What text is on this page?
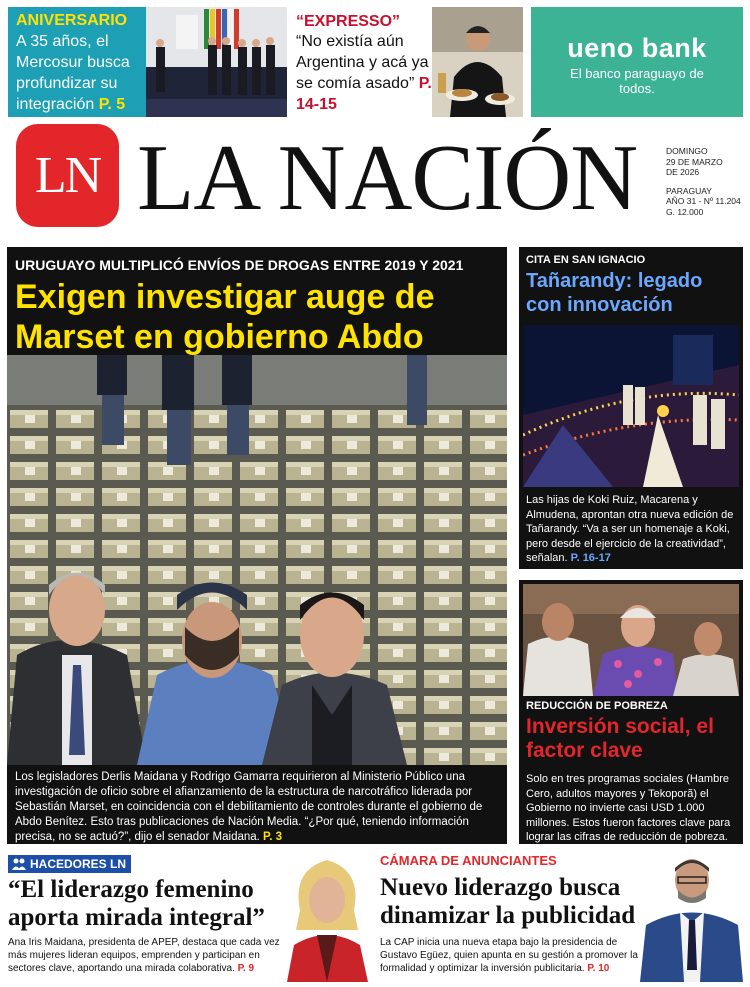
ANIVERSARIO
A 35 años, el Mercosur busca profundizar su integración P. 5
“EXPRESSO”
“No existía aún Argentina y acá ya se comía asado” P. 14-15
ueno bank
El banco paraguayo de todos.
LN LA NACIÓN	DOMINGO
29 DE MARZO
DE 2026
PARAGUAY
AÑO 31 - Nº 11.204
G. 12.000
URUGUAYO MULTIPLICÓ ENVÍOS DE DROGAS ENTRE 2019 Y 2021
Exigen investigar auge de Marset en gobierno Abdo
Los legisladores Derlis Maidana y Rodrigo Gamarra requirieron al Ministerio Público una investigación de oficio sobre el afianzamiento de la estructura de narcotráfico liderada por Sebastián Marset, en coincidencia con el debilitamiento de controles durante el gobierno de Abdo Benítez. Esto tras publicaciones de Nación Media. “¿Por qué, teniendo información precisa, no se actuó?”, dijo el senador Maidana. P. 3
CITA EN SAN IGNACIO
Tañarandy: legado con innovación
Las hijas de Koki Ruiz, Macarena y Almudena, aprontan otra nueva edición de Tañarandy. “Va a ser un homenaje a Koki, pero desde el ejercicio de la creatividad”, señalan. P. 16-17
REDUCCIÓN DE POBREZA
Inversión social, el factor clave
Solo en tres programas sociales (Hambre Cero, adultos mayores y Tekoporã) el Gobierno no invierte casi USD 1.000 millones. Estos fueron factores clave para lograr las cifras de reducción de pobreza.
HACEDORES LN
“El liderazgo femenino aporta mirada integral”
Ana Iris Maidana, presidenta de APEP, destaca que cada vez más mujeres lideran equipos, emprenden y participan en sectores clave, aportando una mirada colaborativa. P. 9
CÁMARA DE ANUNCIANTES
Nuevo liderazgo busca dinamizar la publicidad
La CAP inicia una nueva etapa bajo la presidencia de Gustavo Egüez, quien apunta en su gestión a promover la formalidad y optimizar la inversión publicitaria. P. 10
